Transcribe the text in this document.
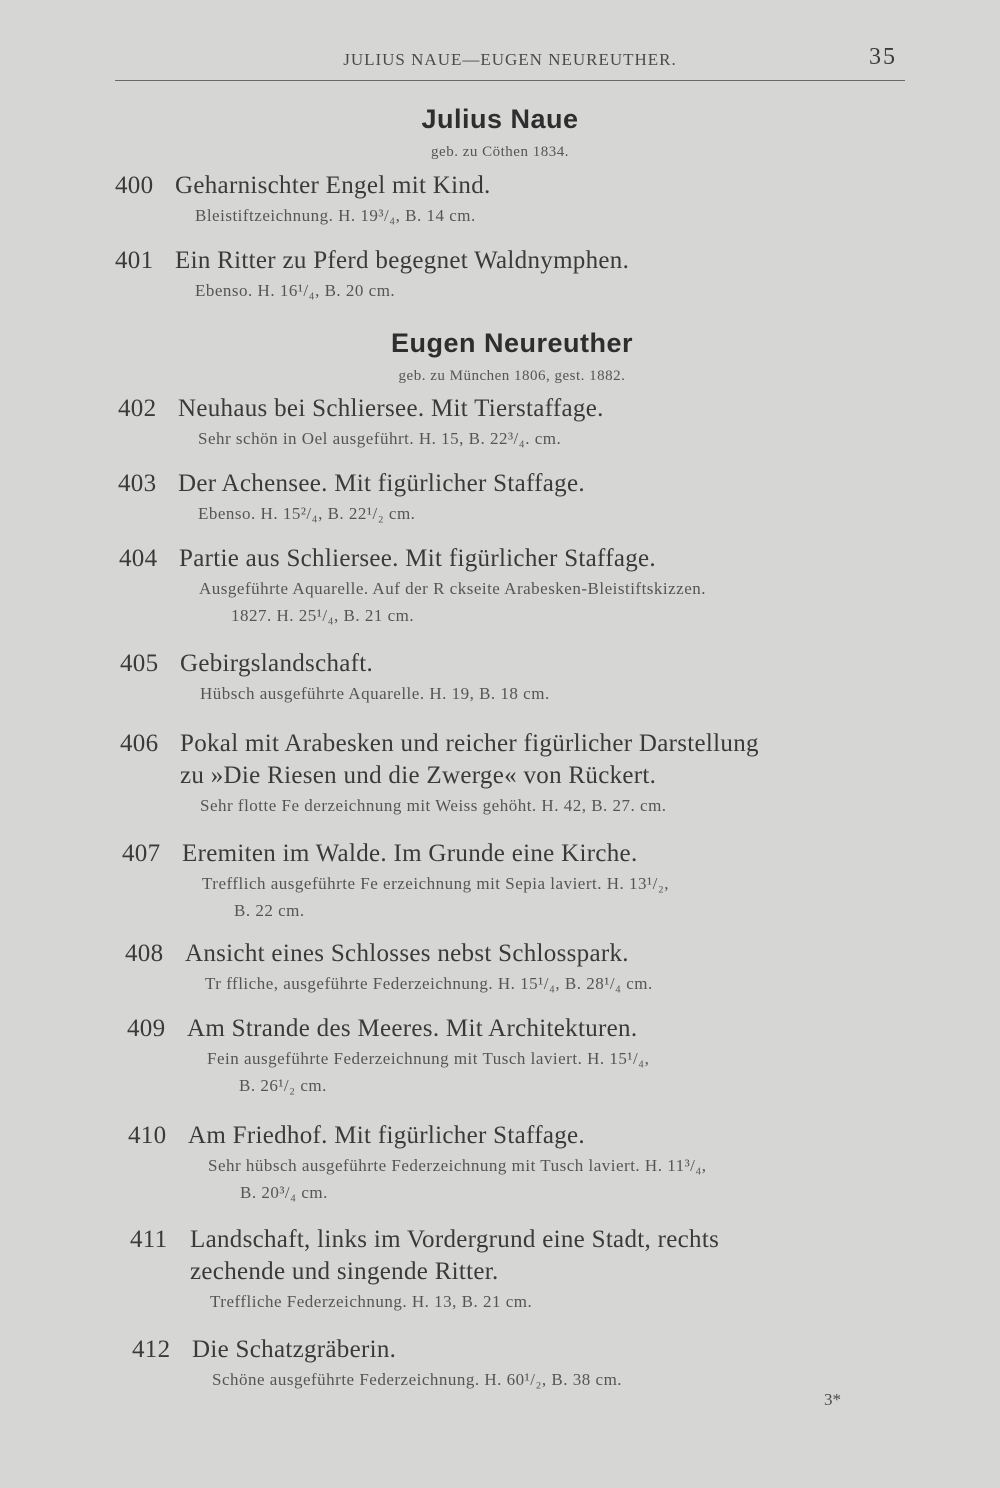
JULIUS NAUE—EUGEN NEUREUTHER.	35
Julius Naue
geb. zu Cöthen 1834.
400 Geharnischter Engel mit Kind.
Bleistiftzeichnung. H. 19³/₄, B. 14 cm.
401 Ein Ritter zu Pferd begegnet Waldnymphen.
Ebenso. H. 16¹/₄, B. 20 cm.
Eugen Neureuther
geb. zu München 1806, gest. 1882.
402 Neuhaus bei Schliersee. Mit Tierstaffage.
Sehr schön in Oel ausgeführt. H. 15, B. 22³/₄. cm.
403 Der Achensee. Mit figürlicher Staffage.
Ebenso. H. 15²/₄, B. 22¹/₂ cm.
404 Partie aus Schliersee. Mit figürlicher Staffage.
Ausgeführte Aquarelle. Auf der R ckseite Arabesken-Bleistiftskizzen.
1827. H. 25¹/₄, B. 21 cm.
405 Gebirgslandschaft.
Hübsch ausgeführte Aquarelle. H. 19, B. 18 cm.
406 Pokal mit Arabesken und reicher figürlicher Darstellung
zu »Die Riesen und die Zwerge« von Rückert.
Sehr flotte Fe derzeichnung mit Weiss gehöht. H. 42, B. 27. cm.
407 Eremiten im Walde. Im Grunde eine Kirche.
Trefflich ausgeführte Fe erzeichnung mit Sepia laviert. H. 13¹/₂,
B. 22 cm.
408 Ansicht eines Schlosses nebst Schlosspark.
Tr ffliche, ausgeführte Federzeichnung. H. 15¹/₄, B. 28¹/₄ cm.
409 Am Strande des Meeres. Mit Architekturen.
Fein ausgeführte Federzeichnung mit Tusch laviert. H. 15¹/₄,
B. 26¹/₂ cm.
410 Am Friedhof. Mit figürlicher Staffage.
Sehr hübsch ausgeführte Federzeichnung mit Tusch laviert. H. 11³/₄,
B. 20³/₄ cm.
411 Landschaft, links im Vordergrund eine Stadt, rechts
zechende und singende Ritter.
Treffliche Federzeichnung. H. 13, B. 21 cm.
412 Die Schatzgräberin.
Schöne ausgeführte Federzeichnung. H. 60¹/₂, B. 38 cm.
3*
